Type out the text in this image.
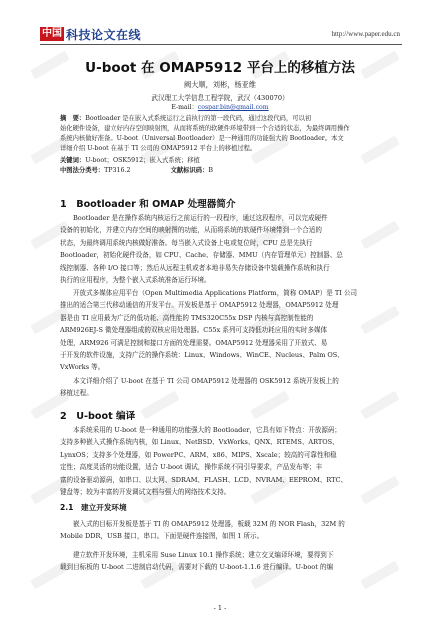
中国 科技论文在线	http://www.paper.edu.cn
U-boot 在 OMAP5912 平台上的移植方法
阙大顺，刘彬，杨亚维
武汉理工大学信息工程学院，武汉（430070）
E-mail：cospar.bin@gmail.com
摘　要：Bootloader 是在嵌入式系统运行之前执行的第一段代码，通过这段代码，可以初
始化硬件设备，建立好内存空间映射图，从而将系统的软硬件环境带到一个合适的状态，为最终调用操作
系统内核做好准备。U-boot（Universal Bootloader）是一种通用的功能强大的 Bootloader。本文
详细介绍 U-boot 在基于 TI 公司的 OMAP5912 平台上的移植过程。
关键词：U-boot；OSK5912；嵌入式系统；移植
中图法分类号：TP316.2	文献标识码：B
1　Bootloader 和 OMAP 处理器简介
Bootloader 是在操作系统内核运行之前运行的一段程序，通过这段程序，可以完成硬件
设备的初始化，并建立内存空间的映射图的功能，从而将系统的软硬件环境带到一个合适的
状态，为最终调用系统内核做好准备。每当嵌入式设备上电或复位时，CPU 总是先执行
Bootloader，初始化硬件设备，如 CPU、Cache、存储器、MMU（内存管理单元）控制器、总
线控制器、各种 I/O 接口等；然后从远程主机或者本地非易失存储设备中装载操作系统和执行
执行的应用程序，为整个嵌入式系统准备运行环境。
开放式多媒体应用平台（Open Multimedia Applications Platform，简称 OMAP）是 TI 公司
推出的适合第三代移动通信的开发平台。开发板是基于 OMAP5912 处理器，OMAP5912 处理
器是由 TI 应用最为广泛的低功耗、高性能的 TMS320C55x DSP 内核与高控制性能的
ARM926EJ-S 微处理器组成的双核应用处理器。C55x 系列可支持低功耗应用的实时多媒体
处理，ARM926 可满足控制和接口方面的处理需要。OMAP5912 处理器采用了开放式、易
于开发的软件设施，支持广泛的操作系统：Linux、Windows、WinCE、Nucleus、Palm OS、
VxWorks 等。
本文详细介绍了 U-boot 在基于 TI 公司 OMAP5912 处理器的 OSK5912 系统开发板上的
移植过程。
2　U-boot 编译
本系统采用的 U-boot 是一种通用的功能强大的 Bootloader，它具有如下特点：开放源码；
支持多种嵌入式操作系统内核，如 Linux、NetBSD、VxWorks、QNX、RTEMS、ARTOS、
LynxOS；支持多个处理器，如 PowerPC、ARM、x86、MIPS、Xscale；较高的可靠性和稳
定性；高度灵活的功能设置，适合 U-boot 调试，操作系统不同引导要求，产品发布等；丰
富的设备驱动源码，如串口、以太网、SDRAM、FLASH、LCD、NVRAM、EEPROM、RTC、
键盘等；较为丰富的开发调试文档与强大的网络技术支持。
2.1　建立开发环境
嵌入式的目标开发板是基于 TI 的 OMAP5912 处理器，板载 32M 的 NOR Flash，32M 的
Mobile DDR，USB 接口，串口。下面是硬件连接图，如图 1 所示。
建立软件开发环境，主机采用 Suse Linux 10.1 操作系统；建立交叉编译环境，要得到下
载到目标板的 U-boot 二进制启动代码，需要对下载的 U-boot-1.1.6 进行编译。U-boot 的编
- 1 -
